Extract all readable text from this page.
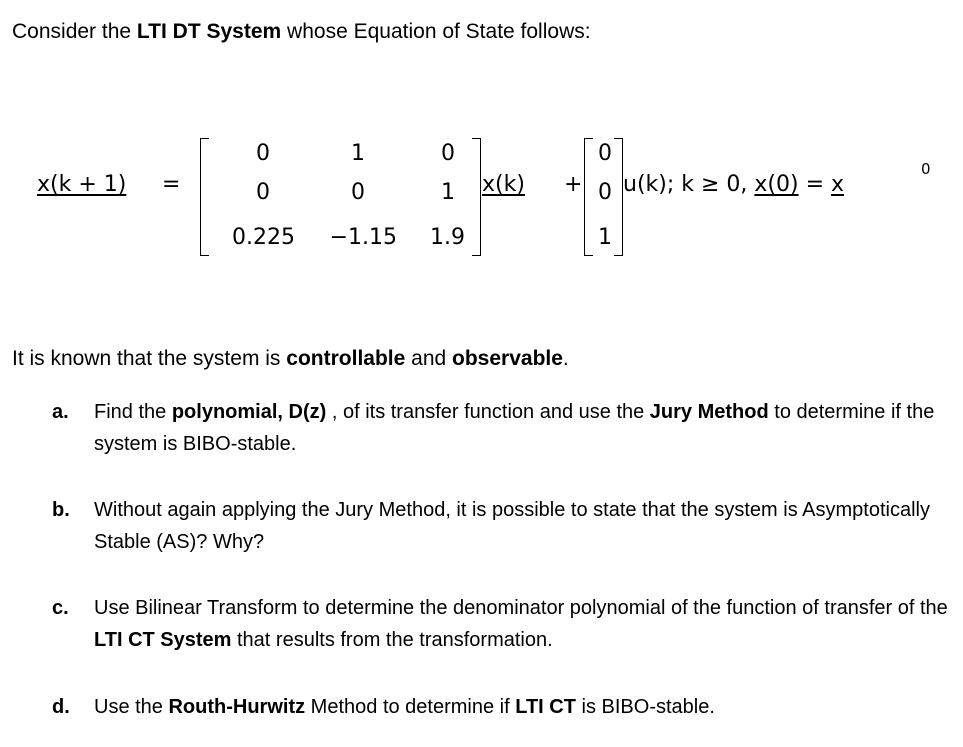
Consider the LTI DT System whose Equation of State follows:
x(k + 1) =
0	1	0
0	0	1
0.225	−1.15	1.9
x(k) +
0
0
1
u(k); k ≥ 0, x(0) = x
0
It is known that the system is controllable and observable.
a. Find the polynomial, D(z) , of its transfer function and use the Jury Method to determine if the system is BIBO-stable.
b. Without again applying the Jury Method, it is possible to state that the system is Asymptotically Stable (AS)? Why?
c. Use Bilinear Transform to determine the denominator polynomial of the function of transfer of the LTI CT System that results from the transformation.
d. Use the Routh-Hurwitz Method to determine if LTI CT is BIBO-stable.
